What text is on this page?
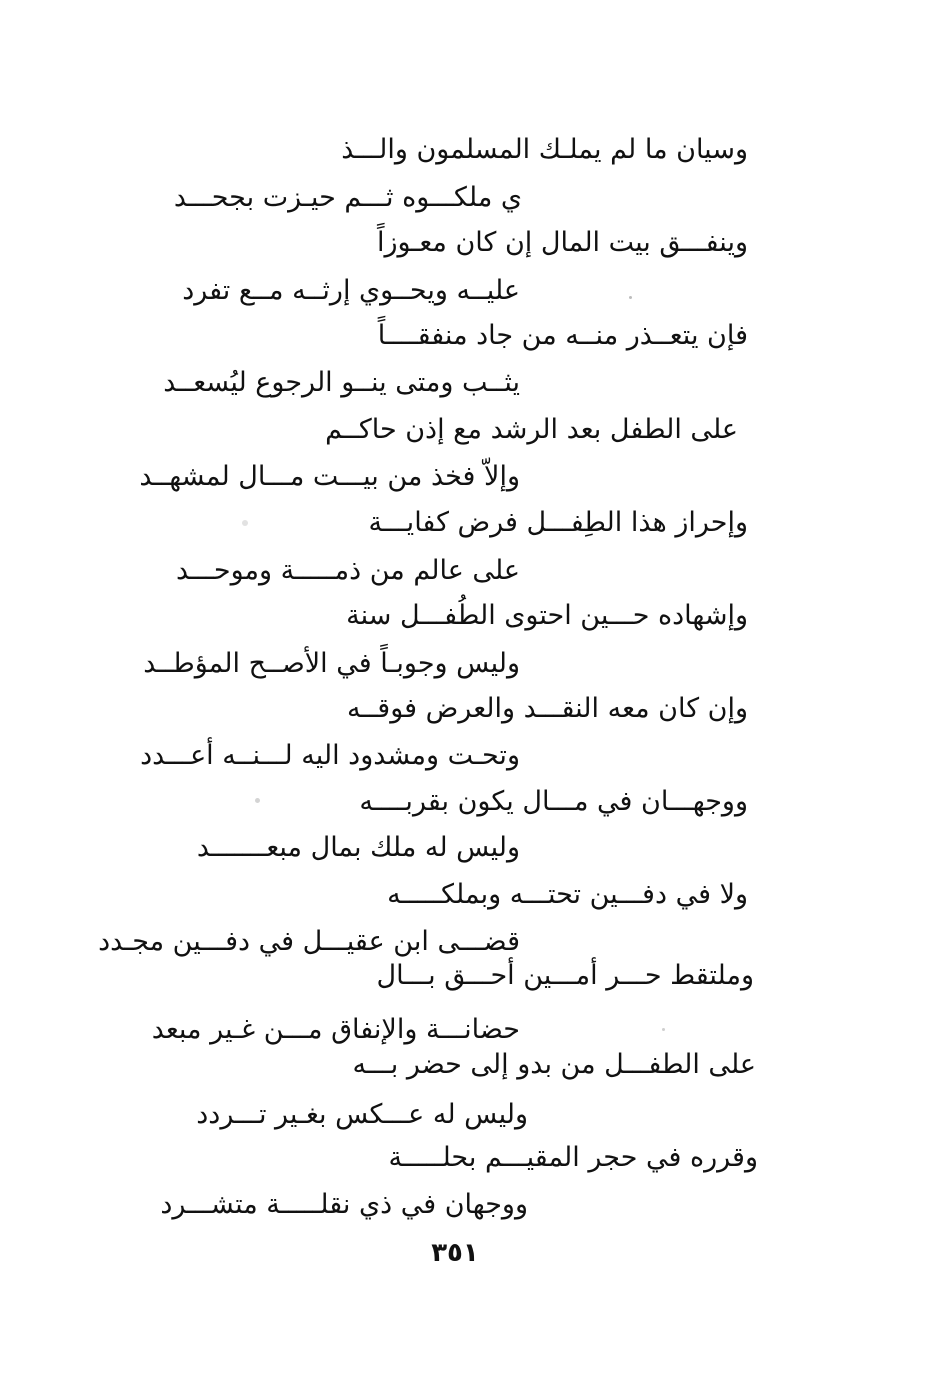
وسيان ما لم يملـك المسلمون والـــذ
ي ملكـــوه ثـــم حيـزت بجحـــد
وينفـــق بيت المال إن كان معـوزاً
عليــه ويحــوي إرثــه مــع تفرد
فإن يتعــذر منــه من جاد منفقــــاً
يثــب ومتى ينــو الرجوع ليُسعــد
على الطفل بعد الرشد مع إذن حاكــم
وإلاّ فخذ من بيـــت مـــال لمشهــد
وإحراز هذا الطِفـــل فرض كفايـــة
على عالم من ذمـــــة وموحـــد
وإشهاده حـــين احتوى الطُفـــل سنة
وليس وجوبـاً في الأصــح المؤطــد
وإن كان معه النقـــد والعرض فوقــه
وتحـت ومشدود اليه لـــنــه أعـــدد
ووجهـــان في مـــال يكون بقربــــه
وليس له ملك بمال مبعـــــــد
ولا في دفـــين تحتـــه وبملكـــــه
قضـــى ابن عقيـــل في دفـــين مجـدد
وملتقط حـــر أمـــين أحـــق بـــال
حضانـــة والإنفاق مـــن غـير مبعد
على الطفـــل من بدو إلى حضر بـــه
وليس له عـــكس بغـير تـــردد
وقرره في حجر المقيـــم بحلـــــة
ووجهان في ذي نقلـــــة متشـــرد
٣٥١
